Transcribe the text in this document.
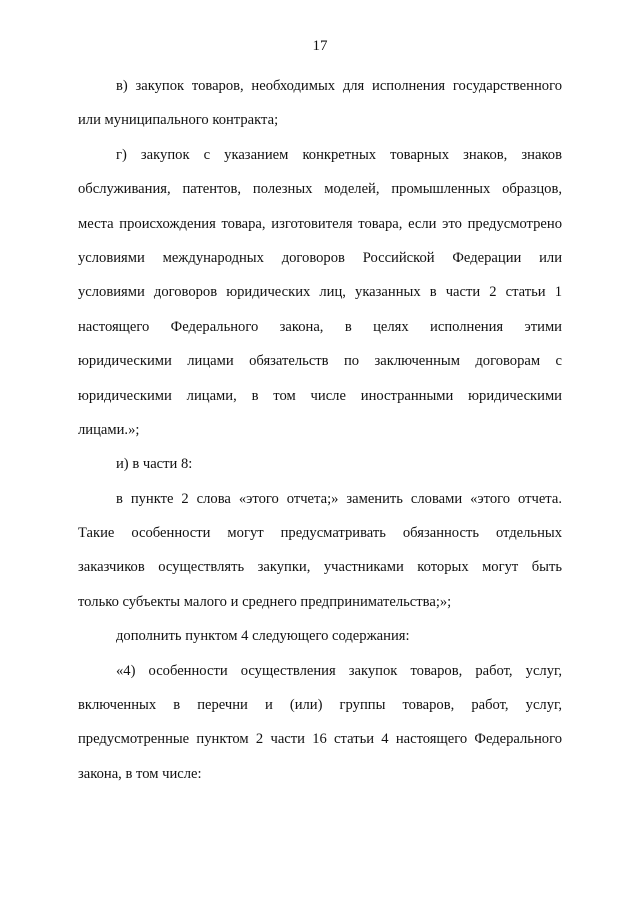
17
в) закупок товаров, необходимых для исполнения государственного
или муниципального контракта;
г) закупок с указанием конкретных товарных знаков, знаков
обслуживания, патентов, полезных моделей, промышленных образцов,
места происхождения товара, изготовителя товара, если это предусмотрено
условиями международных договоров Российской Федерации или
условиями договоров юридических лиц, указанных в части 2 статьи 1
настоящего Федерального закона, в целях исполнения этими
юридическими лицами обязательств по заключенным договорам с
юридическими лицами, в том числе иностранными юридическими
лицами.»;
и) в части 8:
в пункте 2 слова «этого отчета;» заменить словами «этого отчета.
Такие особенности могут предусматривать обязанность отдельных
заказчиков осуществлять закупки, участниками которых могут быть
только субъекты малого и среднего предпринимательства;»;
дополнить пунктом 4 следующего содержания:
«4) особенности осуществления закупок товаров, работ, услуг,
включенных в перечни и (или) группы товаров, работ, услуг,
предусмотренные пунктом 2 части 16 статьи 4 настоящего Федерального
закона, в том числе:
